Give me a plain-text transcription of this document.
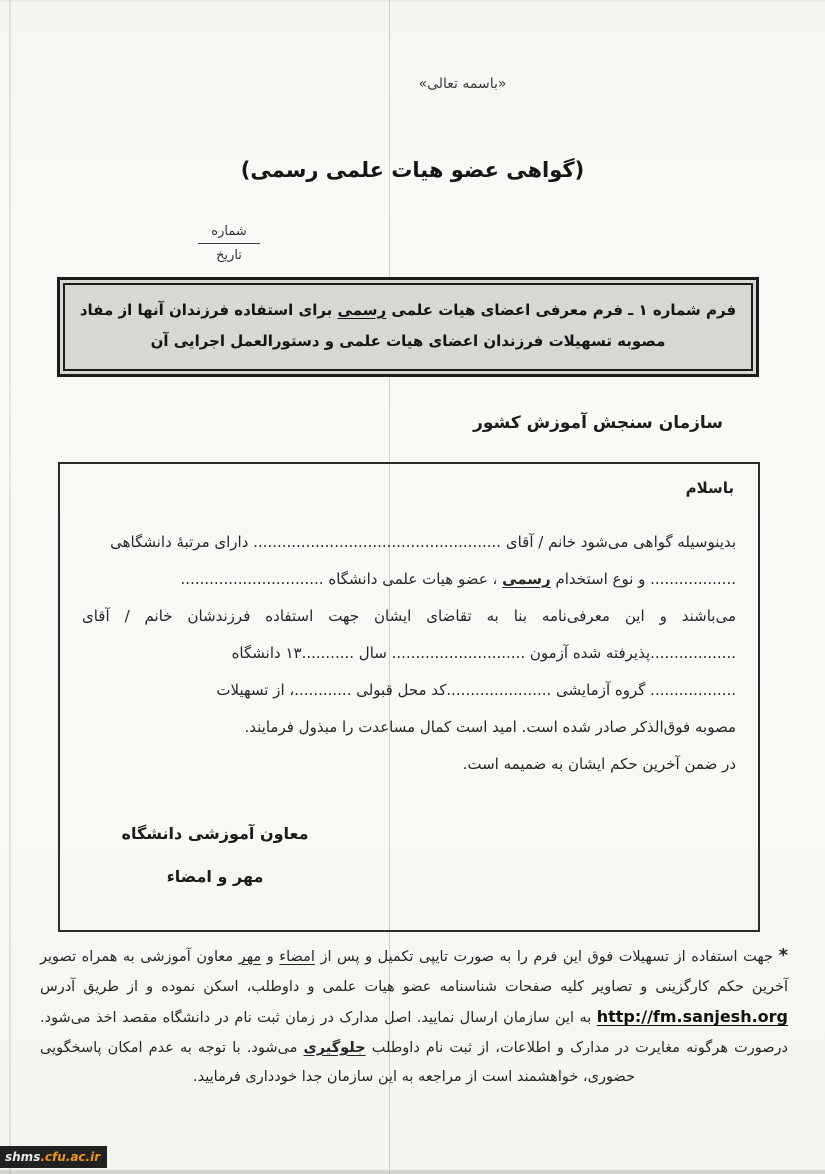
«باسمه تعالی»
(گواهی عضو هیات علمی رسمی)
شماره
تاریخ
فرم شماره ۱ ـ فرم معرفی اعضای هیات علمی رسمی برای استفاده فرزندان آنها از مفاد
مصوبه تسهیلات فرزندان اعضای هیات علمی و دستورالعمل اجرایی آن
سازمان سنجش آموزش کشور
باسلام
بدینوسیله گواهی می‌شود خانم / آقای .................................................... دارای مرتبۀ دانشگاهی
.................. و نوع استخدام رسمی ، عضو هیات علمی دانشگاه ..............................
می‌باشند و این معرفی‌نامه بنا به تقاضای ایشان جهت استفاده فرزندشان خانم / آقای
..................پذیرفته شده آزمون ............................ سال ...........۱۳ دانشگاه
.................. گروه آزمایشی ......................کد محل قبولی ............، از تسهیلات
مصوبه فوق‌الذکر صادر شده است. امید است کمال مساعدت را مبذول فرمایند.
در ضمن آخرین حکم ایشان به ضمیمه است.
معاون آموزشی دانشگاه
مهر و امضاء
* جهت استفاده از تسهیلات فوق این فرم را به صورت تایپی تکمیل و پس از امضاء و مهر معاون آموزشی به همراه تصویر آخرین حکم کارگزینی و تصاویر کلیه صفحات شناسنامه عضو هیات علمی و داوطلب، اسکن نموده و از طریق آدرس http://fm.sanjesh.org به این سازمان ارسال نمایید. اصل مدارک در زمان ثبت نام در دانشگاه مقصد اخذ می‌شود. درصورت هرگونه مغایرت در مدارک و اطلاعات، از ثبت نام داوطلب جلوگیری می‌شود. با توجه به عدم امکان پاسخگویی حضوری، خواهشمند است از مراجعه به این سازمان جدا خودداری فرمایید.
shms .cfu.ac.ir
